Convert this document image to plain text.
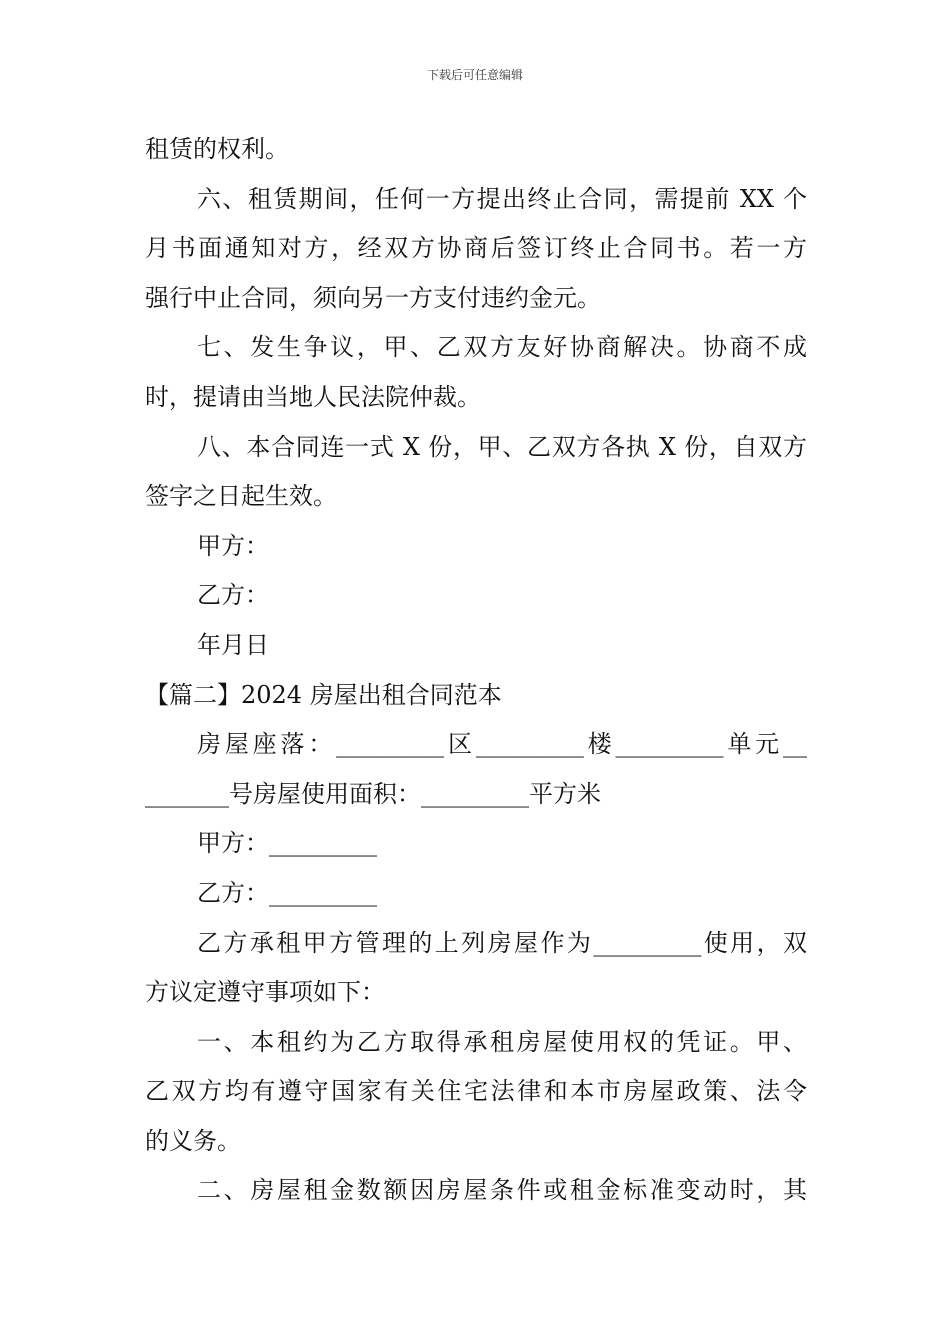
下载后可任意编辑
租赁的权利。
六、租赁期间，任何一方提出终止合同，需提前 XX 个
月书面通知对方，经双方协商后签订终止合同书。若一方
强行中止合同，须向另一方支付违约金元。
七、发生争议，甲、乙双方友好协商解决。协商不成
时，提请由当地人民法院仲裁。
八、本合同连一式 X 份，甲、乙双方各执 X 份，自双方
签字之日起生效。
甲方：
乙方：
年月日
【篇二】2024 房屋出租合同范本
房屋座落：_________区_________楼_________单元__
_______号房屋使用面积：_________平方米
甲方：_________
乙方：_________
乙方承租甲方管理的上列房屋作为_________使用，双
方议定遵守事项如下：
一、本租约为乙方取得承租房屋使用权的凭证。甲、
乙双方均有遵守国家有关住宅法律和本市房屋政策、法令
的义务。
二、房屋租金数额因房屋条件或租金标准变动时，其
